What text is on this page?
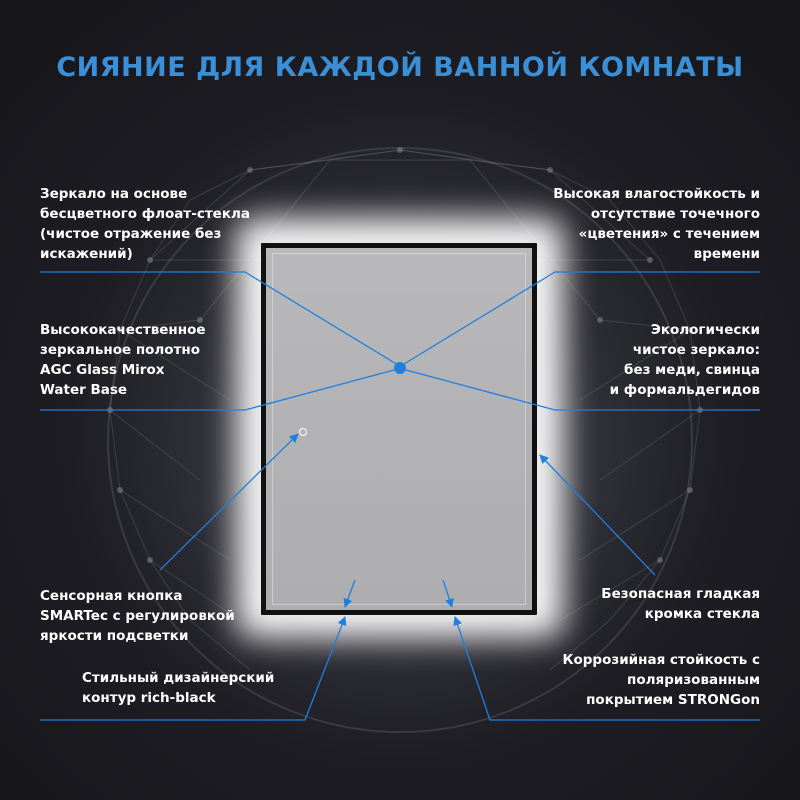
СИЯНИЕ ДЛЯ КАЖДОЙ ВАННОЙ КОМНАТЫ
Зеркало на основе
бесцветного флоат-стекла
(чистое отражение без
искажений)
Высококачественное
зеркальное полотно
AGC Glass Mirox
Water Base
Сенсорная кнопка
SMARTec с регулировкой
яркости подсветки
Стильный дизайнерский
контур rich-black
Высокая влагостойкость и
отсутствие точечного
«цветения» с течением
времени
Экологически
чистое зеркало:
без меди, свинца
и формальдегидов
Безопасная гладкая
кромка стекла
Коррозийная стойкость с
поляризованным
покрытием STRONGon
